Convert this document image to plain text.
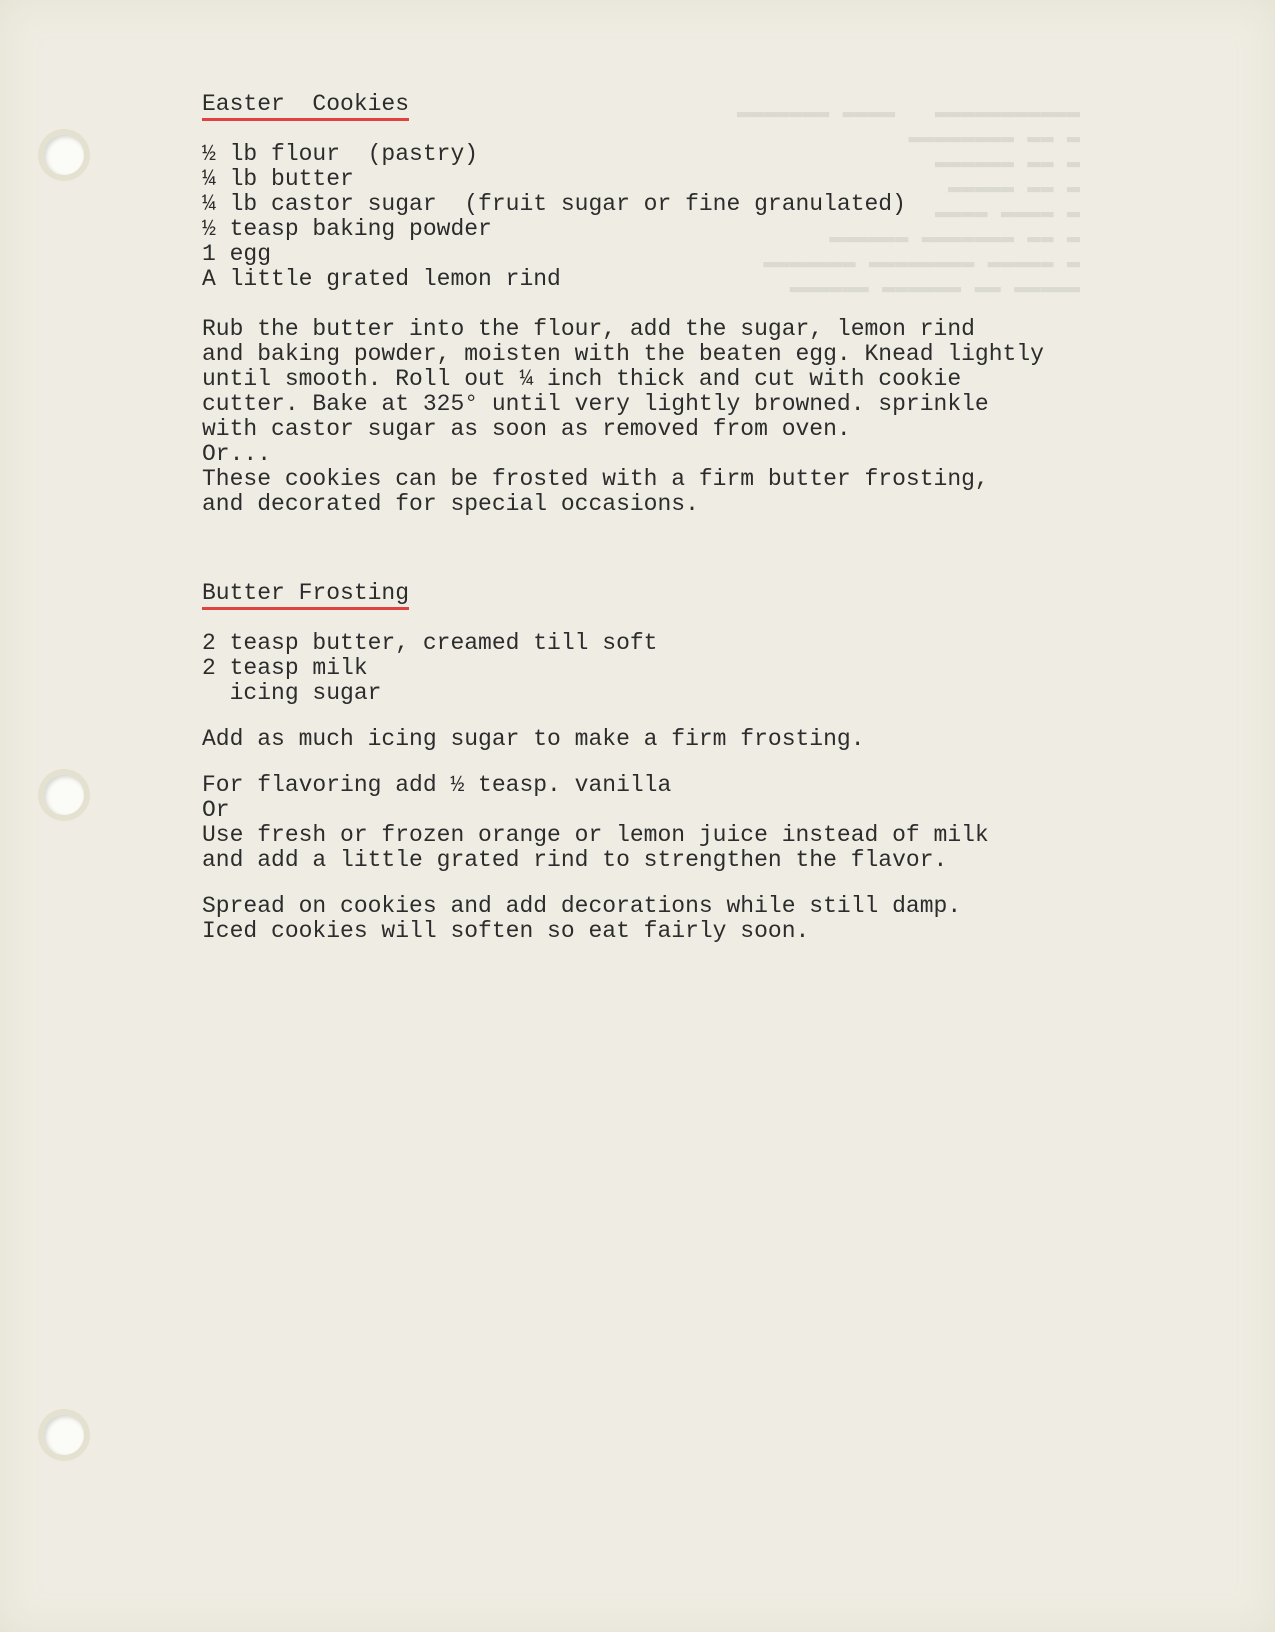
▬▬▬▬▬▬▬▬▬▬▬   ▬▬▬▬ ▬▬▬▬▬▬▬
▬ ▬▬ ▬▬▬▬▬▬▬▬
▬ ▬▬ ▬▬▬▬▬▬
▬ ▬▬ ▬▬▬▬▬
▬ ▬▬▬▬ ▬▬▬▬
▬ ▬▬ ▬▬▬▬▬▬▬ ▬▬▬▬▬▬
▬ ▬▬▬▬▬ ▬▬▬▬▬▬▬▬ ▬▬▬▬▬▬▬
▬▬▬▬▬ ▬▬ ▬▬▬▬▬▬ ▬▬▬▬▬▬
Easter  Cookies
½ lb flour  (pastry)
¼ lb butter
¼ lb castor sugar  (fruit sugar or fine granulated)
½ teasp baking powder
1 egg
A little grated lemon rind
Rub the butter into the flour, add the sugar, lemon rind
and baking powder, moisten with the beaten egg. Knead lightly
until smooth. Roll out ¼ inch thick and cut with cookie
cutter. Bake at 325° until very lightly browned. sprinkle
with castor sugar as soon as removed from oven.
Or...
These cookies can be frosted with a firm butter frosting,
and decorated for special occasions.
Butter Frosting
2 teasp butter, creamed till soft
2 teasp milk
icing sugar
Add as much icing sugar to make a firm frosting.
For flavoring add ½ teasp. vanilla
Or
Use fresh or frozen orange or lemon juice instead of milk
and add a little grated rind to strengthen the flavor.
Spread on cookies and add decorations while still damp.
Iced cookies will soften so eat fairly soon.
